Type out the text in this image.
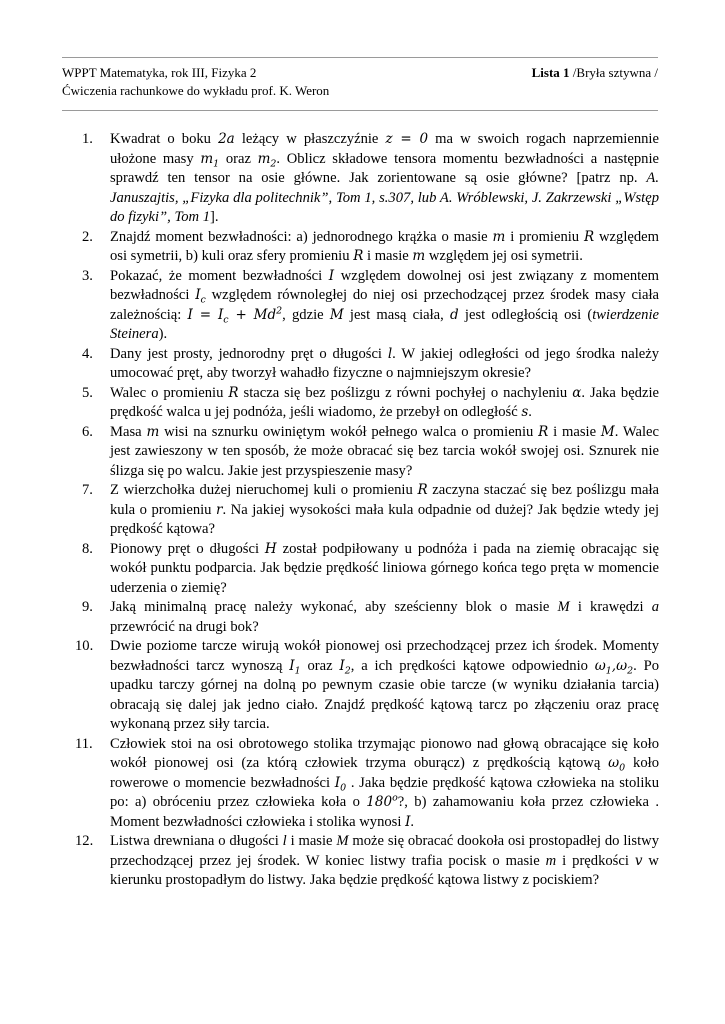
WPPT Matematyka, rok III, Fizyka 2	Lista 1 /Bryła sztywna /
Ćwiczenia rachunkowe do wykładu prof. K. Weron
1.	Kwadrat o boku 2a leżący w płaszczyźnie z = 0 ma w swoich rogach naprzemiennie ułożone masy $m_1$ oraz $m_2$. Oblicz składowe tensora momentu bezwładności a następnie sprawdź ten tensor na osie główne. Jak zorientowane są osie główne? [patrz np. A. Januszajtis, „Fizyka dla politechnik”, Tom 1, s.307, lub A. Wróblewski, J. Zakrzewski „Wstęp do fizyki”, Tom 1].
2.	Znajdź moment bezwładności: a) jednorodnego krążka o masie m i promieniu R względem osi symetrii, b) kuli oraz sfery promieniu R i masie m względem jej osi symetrii.
3.	Pokazać, że moment bezwładności I względem dowolnej osi jest związany z momentem bezwładności $I_c$ względem równoległej do niej osi przechodzącej przez środek masy ciała zależnością: $I = I_c + Md^2$, gdzie M jest masą ciała, d jest odległością osi (twierdzenie Steinera).
4.	Dany jest prosty, jednorodny pręt o długości l. W jakiej odległości od jego środka należy umocować pręt, aby tworzył wahadło fizyczne o najmniejszym okresie?
5.	Walec o promieniu R stacza się bez poślizgu z równi pochyłej o nachyleniu α. Jaka będzie prędkość walca u jej podnóża, jeśli wiadomo, że przebył on odległość s.
6.	Masa m wisi na sznurku owiniętym wokół pełnego walca o promieniu R i masie M. Walec jest zawieszony w ten sposób, że może obracać się bez tarcia wokół swojej osi. Sznurek nie ślizga się po walcu. Jakie jest przyspieszenie masy?
7.	Z wierzchołka dużej nieruchomej kuli o promieniu R zaczyna staczać się bez poślizgu mała kula o promieniu r. Na jakiej wysokości mała kula odpadnie od dużej? Jak będzie wtedy jej prędkość kątowa?
8.	Pionowy pręt o długości H został podpiłowany u podnóża i pada na ziemię obracając się wokół punktu podparcia. Jak będzie prędkość liniowa górnego końca tego pręta w momencie uderzenia o ziemię?
9.	Jaką minimalną pracę należy wykonać, aby sześcienny blok o masie M i krawędzi a przewrócić na drugi bok?
10.	Dwie poziome tarcze wirują wokół pionowej osi przechodzącej przez ich środek. Momenty bezwładności tarcz wynoszą $I_1$ oraz $I_2$, a ich prędkości kątowe odpowiednio $\omega_1,\omega_2$. Po upadku tarczy górnej na dolną po pewnym czasie obie tarcze (w wyniku działania tarcia) obracają się dalej jak jedno ciało. Znajdź prędkość kątową tarcz po złączeniu oraz pracę wykonaną przez siły tarcia.
11.	Człowiek stoi na osi obrotowego stolika trzymając pionowo nad głową obracające się koło wokół pionowej osi (za którą człowiek trzyma oburącz) z prędkością kątową $\omega_0$ koło rowerowe o momencie bezwładności $I_0$ . Jaka będzie prędkość kątowa człowieka na stoliku po: a) obróceniu przez człowieka koła o 180$^o$?, b) zahamowaniu koła przez człowieka . Moment bezwładności człowieka i stolika wynosi I.
12.	Listwa drewniana o długości l i masie M może się obracać dookoła osi prostopadłej do listwy przechodzącej przez jej środek. W koniec listwy trafia pocisk o masie m i prędkości v w kierunku prostopadłym do listwy. Jaka będzie prędkość kątowa listwy z pociskiem?
